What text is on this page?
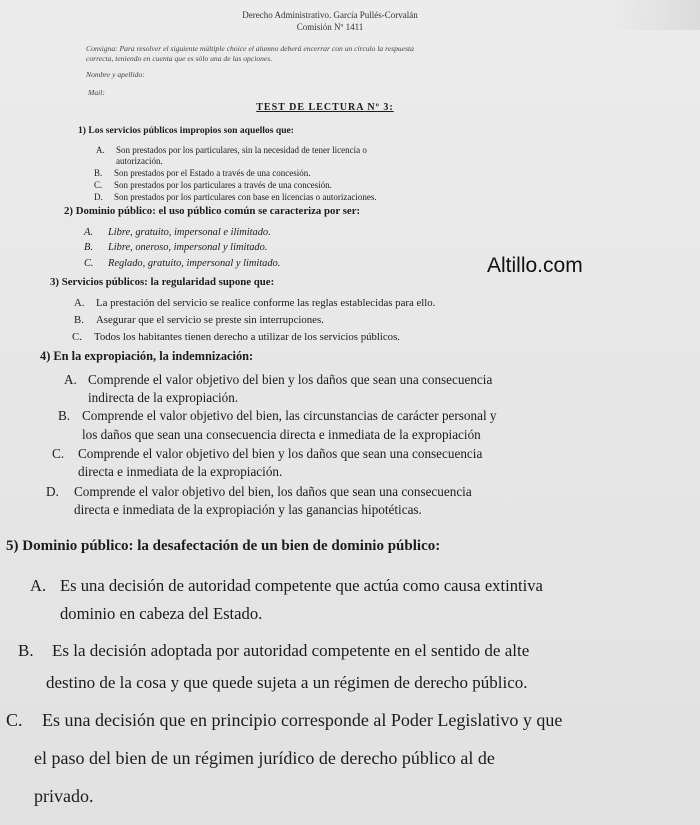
Derecho Administrativo. García Pullés-Corvalán
Comisión Nº 1411
Consigna: Para resolver el siguiente múltiple choice el alumno deberá encerrar con un círculo la respuesta
correcta, teniendo en cuenta que es sólo una de las opciones.
Nombre y apellido:
Mail:
TEST DE LECTURA Nº 3:
1) Los servicios públicos impropios son aquellos que:
A. Son prestados por los particulares, sin la necesidad de tener licencia o
autorización.
B. Son prestados por el Estado a través de una concesión.
C. Son prestados por los particulares a través de una concesión.
D. Son prestados por los particulares con base en licencias o autorizaciones.
2) Dominio público: el uso público común se caracteriza por ser:
A. Libre, gratuito, impersonal e ilimitado.
B. Libre, oneroso, impersonal y limitado.
C. Reglado, gratuito, impersonal y limitado.	Altillo.com
3) Servicios públicos: la regularidad supone que:
A. La prestación del servicio se realice conforme las reglas establecidas para ello.
B. Asegurar que el servicio se preste sin interrupciones.
C. Todos los habitantes tienen derecho a utilizar de los servicios públicos.
4) En la expropiación, la indemnización:
A. Comprende el valor objetivo del bien y los daños que sean una consecuencia
indirecta de la expropiación.
B. Comprende el valor objetivo del bien, las circunstancias de carácter personal y
los daños que sean una consecuencia directa e inmediata de la expropiación
C. Comprende el valor objetivo del bien y los daños que sean una consecuencia
directa e inmediata de la expropiación.
D. Comprende el valor objetivo del bien, los daños que sean una consecuencia
directa e inmediata de la expropiación y las ganancias hipotéticas.
5) Dominio público: la desafectación de un bien de dominio público:
A. Es una decisión de autoridad competente que actúa como causa extintiva
dominio en cabeza del Estado.
B. Es la decisión adoptada por autoridad competente en el sentido de alte
destino de la cosa y que quede sujeta a un régimen de derecho público.
C. Es una decisión que en principio corresponde al Poder Legislativo y que
el paso del bien de un régimen jurídico de derecho público al de
privado.
